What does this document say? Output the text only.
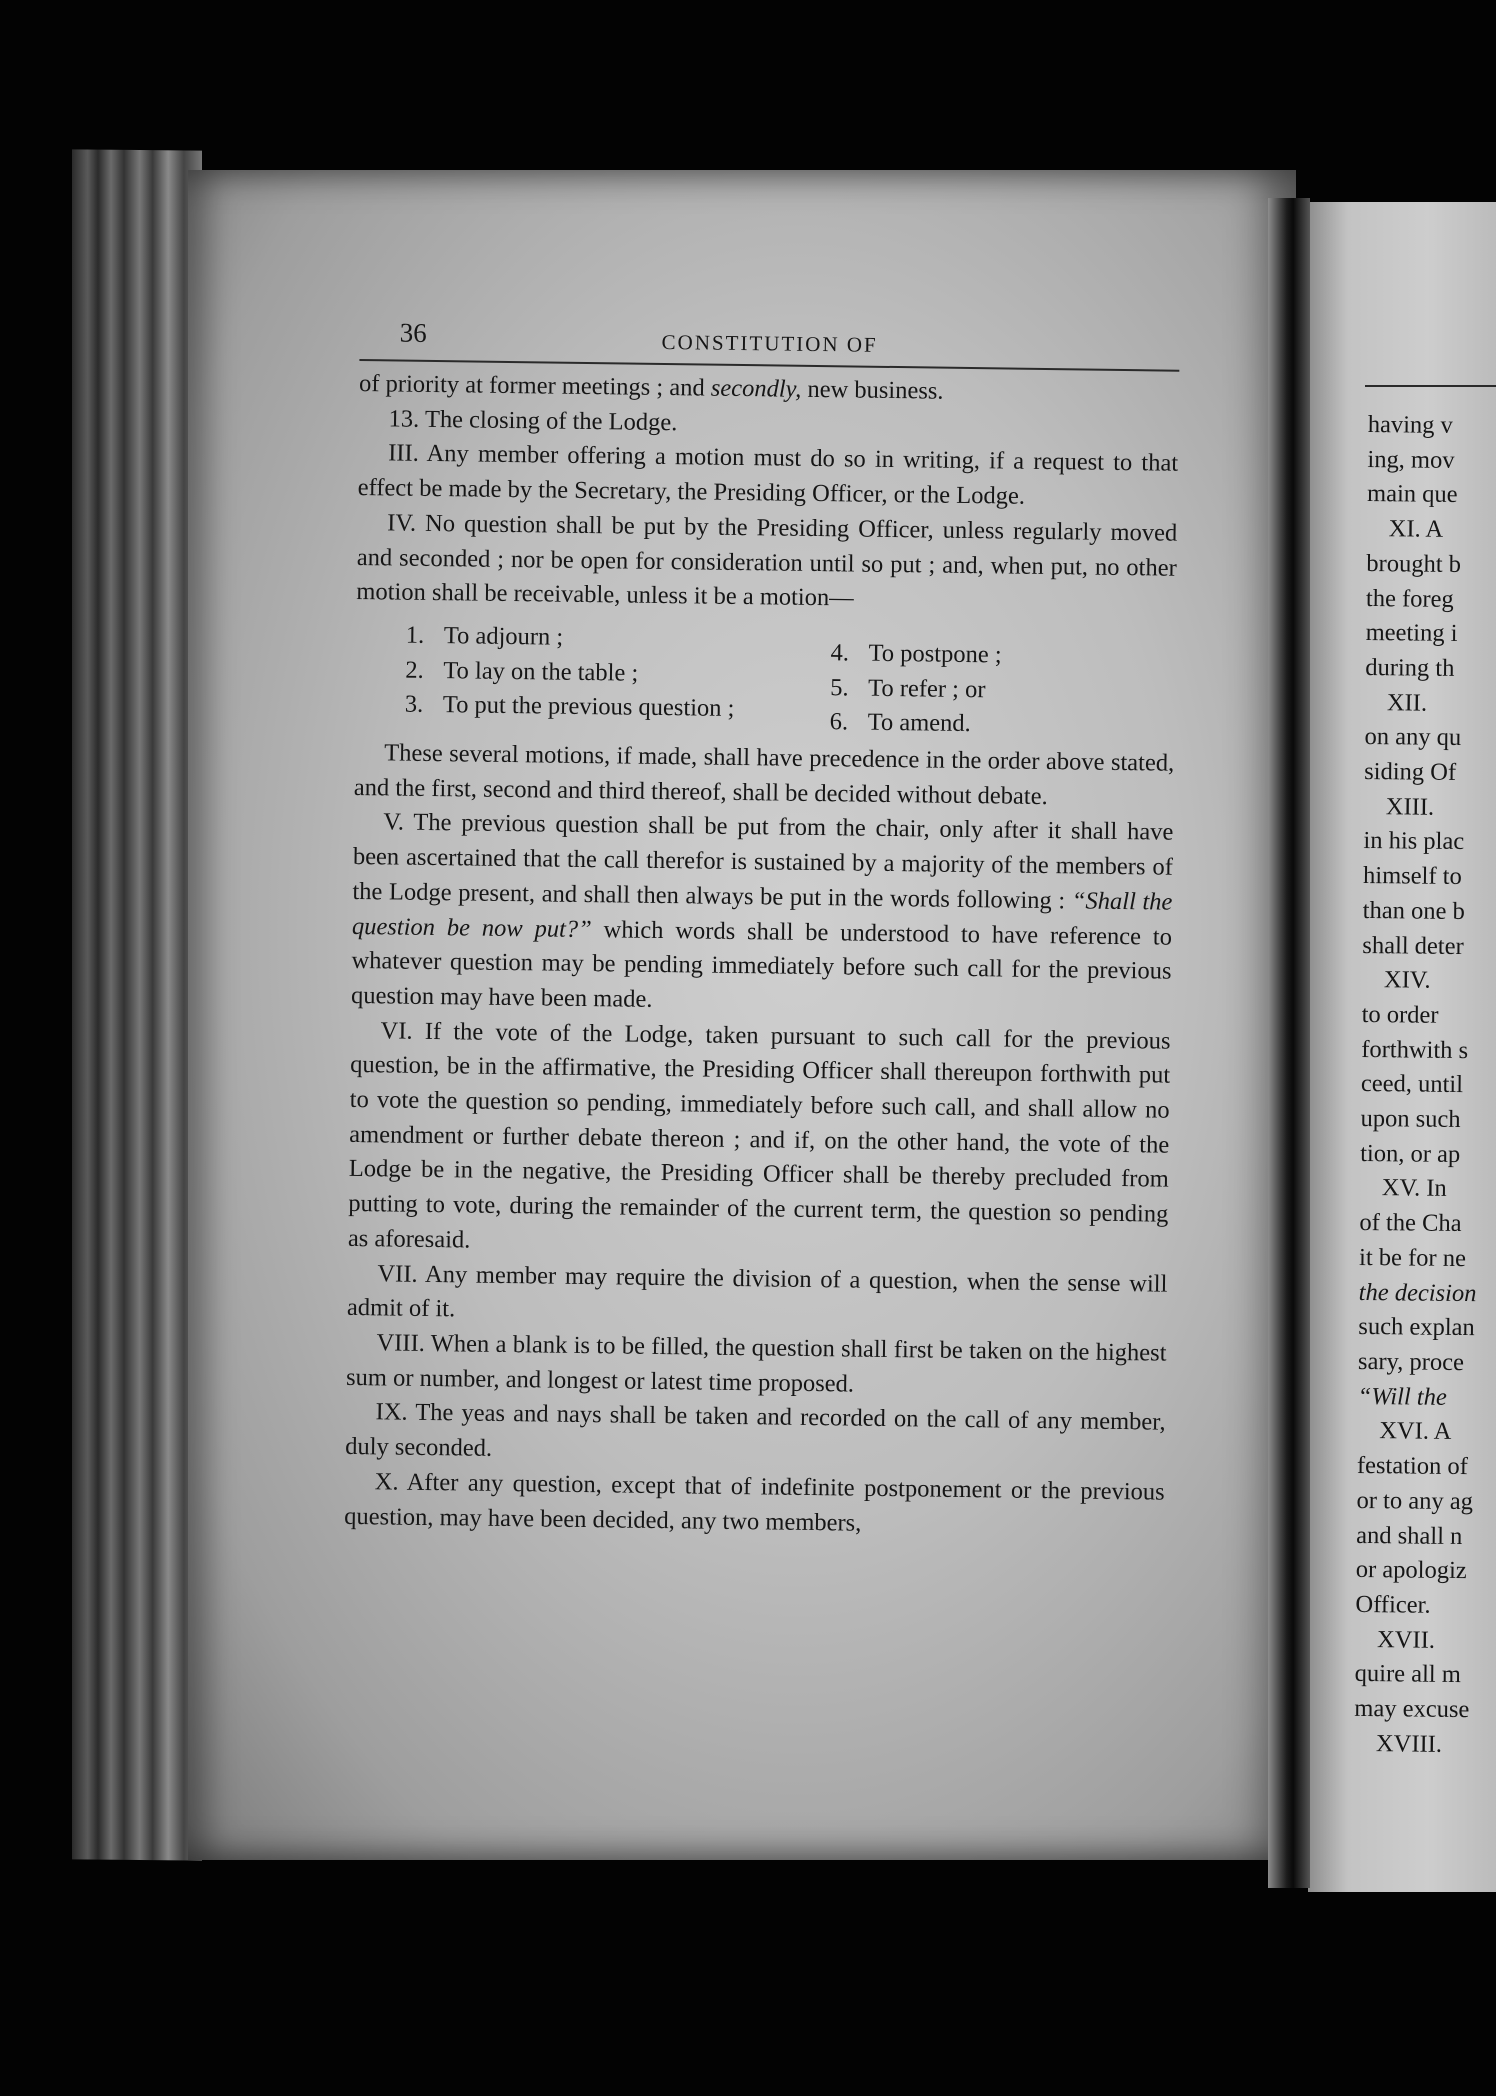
36	CONSTITUTION OF

of priority at former meetings ; and secondly, new business.

13. The closing of the Lodge.

III. Any member offering a motion must do so in writing, if a request to that effect be made by the Secretary, the Presiding Officer, or the Lodge.

IV. No question shall be put by the Presiding Officer, unless regularly moved and seconded ; nor be open for consideration until so put ; and, when put, no other motion shall be receivable, unless it be a motion—

1. To adjourn ;
2. To lay on the table ;
3. To put the previous question ;
4. To postpone ;
5. To refer ; or
6. To amend.

These several motions, if made, shall have precedence in the order above stated, and the first, second and third thereof, shall be decided without debate.

V. The previous question shall be put from the chair, only after it shall have been ascertained that the call therefor is sustained by a majority of the members of the Lodge present, and shall then always be put in the words following : “Shall the question be now put?” which words shall be understood to have reference to whatever question may be pending immediately before such call for the previous question may have been made.

VI. If the vote of the Lodge, taken pursuant to such call for the previous question, be in the affirmative, the Presiding Officer shall thereupon forthwith put to vote the question so pending, immediately before such call, and shall allow no amendment or further debate thereon ; and if, on the other hand, the vote of the Lodge be in the negative, the Presiding Officer shall be thereby precluded from putting to vote, during the remainder of the current term, the question so pending as aforesaid.

VII. Any member may require the division of a question, when the sense will admit of it.

VIII. When a blank is to be filled, the question shall first be taken on the highest sum or number, and longest or latest time proposed.

IX. The yeas and nays shall be taken and recorded on the call of any member, duly seconded.

X. After any question, except that of indefinite postponement or the previous question, may have been decided, any two members,

having v
ing, mov
main que
XI. A
brought b
the foreg
meeting i
during th
XII.
on any qu
siding Of
XIII.
in his plac
himself to
than one b
shall deter
XIV.
to order
forthwith s
ceed, until
upon such
tion, or ap
XV. In
of the Cha
it be for ne
the decision
such explan
sary, proce
“Will the
XVI. A
festation of
or to any ag
and shall n
or apologiz
Officer.
XVII.
quire all m
may excuse
XVIII.
